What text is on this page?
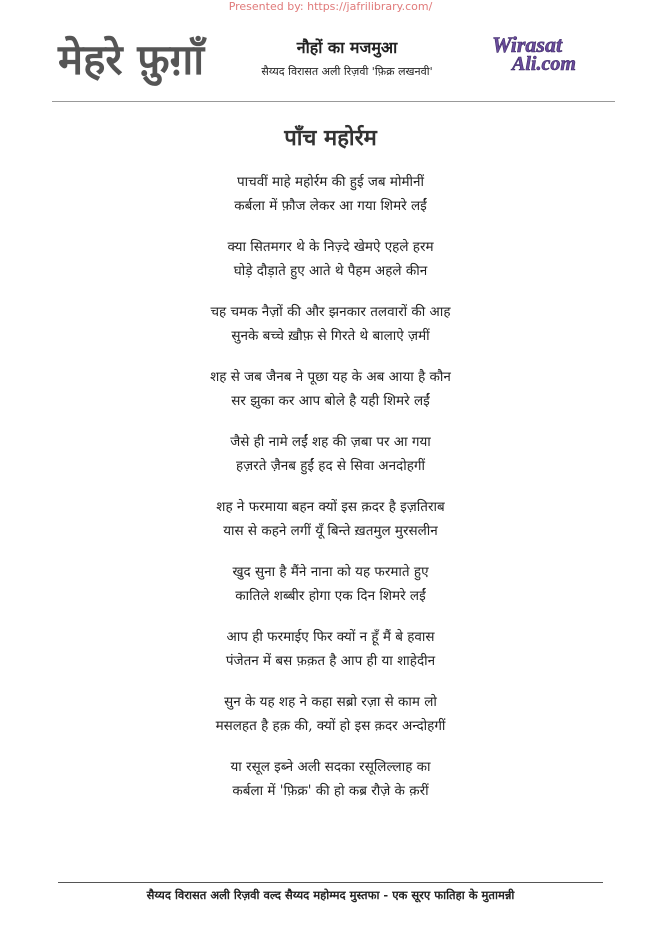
Presented by: https://jafrilibrary.com/
मेहरे फ़ुग़ाँ	नौहों का मजमुआ
सैय्यद विरासत अली रिज़वी 'फ़िक्र लखनवी'
Wirasat
Ali.com
पाँच महोर्रम
पाचवीं माहे महोर्रम की हुई जब मोमीनीं
कर्बला में फ़ौज लेकर आ गया शिमरे लईं
क्या सितमगर थे के निज़्दे खेमऐ एहले हरम
घोड़े दौड़ाते हुए आते थे पैहम अहले कीन
चह चमक नैज़ों की और झनकार तलवारों की आह
सुनके बच्चे ख़ौफ़ से गिरते थे बालाऐ ज़मीं
शह से जब जैनब ने पूछा यह के अब आया है कौन
सर झुका कर आप बोले है यही शिमरे लईं
जैसे ही नामे लईं शह की ज़बा पर आ गया
हज़रते ज़ैनब हुईं हद से सिवा अनदोहगीं
शह ने फरमाया बहन क्यों इस क़दर है इज़तिराब
यास से कहने लगीं यूँ बिन्ते ख़तमुल मुरसलीन
खुद सुना है मैंने नाना को यह फरमाते हुए
कातिले शब्बीर होगा एक दिन शिमरे लईं
आप ही फरमाईए फिर क्यों न हूँ मैं बे हवास
पंजेतन में बस फ़क़त है आप ही या शाहेदीन
सुन के यह शह ने कहा सब्रो रज़ा से काम लो
मसलहत है हक़ की, क्यों हो इस क़दर अन्दोहगीं
या रसूल इब्ने अली सदका रसूलिल्लाह का
कर्बला में 'फ़िक्र' की हो कब्र रौज़े के क़रीं
सैय्यद विरासत अली रिज़वी वल्द सैय्यद महोम्मद मुस्तफा - एक सूरए फातिहा के मुतामन्नी
